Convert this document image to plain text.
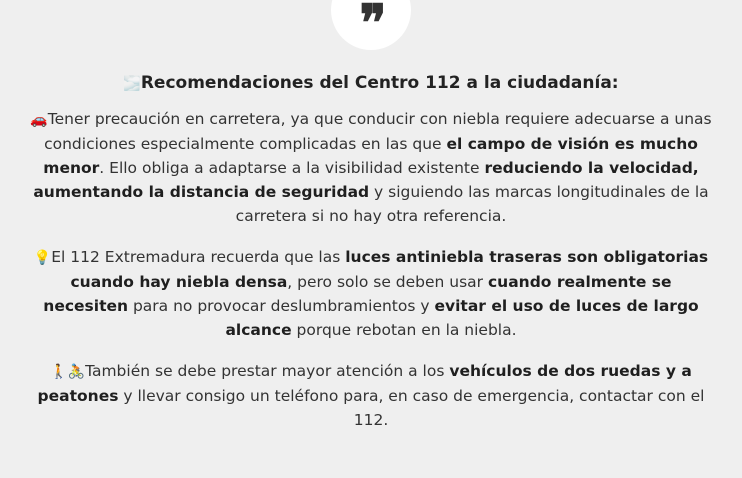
❞
🌫️Recomendaciones del Centro 112 a la ciudadanía:

🚗Tener precaución en carretera, ya que conducir con niebla requiere adecuarse a unas condiciones especialmente complicadas en las que el campo de visión es mucho menor. Ello obliga a adaptarse a la visibilidad existente reduciendo la velocidad, aumentando la distancia de seguridad y siguiendo las marcas longitudinales de la carretera si no hay otra referencia.

💡El 112 Extremadura recuerda que las luces antiniebla traseras son obligatorias cuando hay niebla densa, pero solo se deben usar cuando realmente se necesiten para no provocar deslumbramientos y evitar el uso de luces de largo alcance porque rebotan en la niebla.

🚶🚴También se debe prestar mayor atención a los vehículos de dos ruedas y a peatones y llevar consigo un teléfono para, en caso de emergencia, contactar con el 112.
